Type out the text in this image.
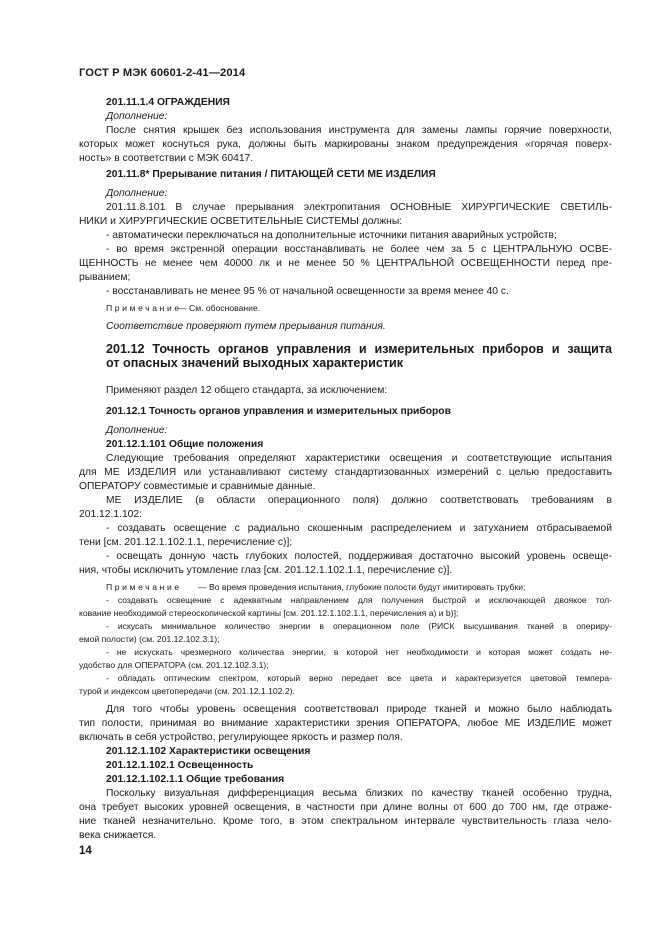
ГОСТ Р МЭК 60601-2-41—2014
201.11.1.4 ОГРАЖДЕНИЯ
Дополнение:
После снятия крышек без использования инструмента для замены лампы горячие поверхности,
которых может коснуться рука, должны быть маркированы знаком предупреждения «горячая поверх-
ность» в соответствии с МЭК 60417.
201.11.8* Прерывание питания / ПИТАЮЩЕЙ СЕТИ МЕ ИЗДЕЛИЯ
Дополнение:
201.11.8.101 В случае прерывания электропитания ОСНОВНЫЕ ХИРУРГИЧЕСКИЕ СВЕТИЛЬ-
НИКИ и ХИРУРГИЧЕСКИЕ ОСВЕТИТЕЛЬНЫЕ СИСТЕМЫ должны:
- автоматически переключаться на дополнительные источники питания аварийных устройств;
- во время экстренной операции восстанавливать не более чем за 5 с ЦЕНТРАЛЬНУЮ ОСВЕ-
ЩЕННОСТЬ не менее чем 40000 лк и не менее 50 % ЦЕНТРАЛЬНОЙ ОСВЕЩЕННОСТИ перед пре-
рыванием;
- восстанавливать не менее 95 % от начальной освещенности за время менее 40 с.
Примечание
— См. обоснование.
Соответствие проверяют путем прерывания питания.
201.12 Точность органов управления и измерительных приборов и защита
от опасных значений выходных характеристик
Применяют раздел 12 общего стандарта, за исключением:
201.12.1 Точность органов управления и измерительных приборов
Дополнение:
201.12.1.101 Общие положения
Следующие требования определяют характеристики освещения и соответствующие испытания
для МЕ ИЗДЕЛИЯ или устанавливают систему стандартизованных измерений с целью предоставить
ОПЕРАТОРУ совместимые и сравнимые данные.
МЕ ИЗДЕЛИЕ (в области операционного поля) должно соответствовать требованиям в
201.12.1.102:
- создавать освещение с радиально скошенным распределением и затуханием отбрасываемой
тени [см. 201.12.1.102.1.1, перечисление с)];
- освещать донную часть глубоких полостей, поддерживая достаточно высокий уровень освеще-
ния, чтобы исключить утомление глаз [см. 201.12.1.102.1.1, перечисление с)].
Примечание — Во время проведения испытания, глубокие полости будут имитировать трубки;
- создавать освещение с адекватным направлением для получения быстрой и исключающей двоякое тол-
кование необходимой стереоскопической картины [см. 201.12.1.102.1.1, перечисления а) и b)];
- искусать минимальное количество энергии в операционном поле (РИСК высушивания тканей в опериру-
емой полости) (см. 201.12.102.3.1);
- не искускать чрезмерного количества энергии, в которой нет необходимости и которая может создать не-
удобство для ОПЕРАТОРА (см. 201.12.102.3.1);
- обладать оптическим спектром, который верно передает все цвета и характеризуется цветовой темпера-
турой и индексом цветопередачи (см. 201.12.1.102.2).
Для того чтобы уровень освещения соответствовал природе тканей и можно было наблюдать
тип полости, принимая во внимание характеристики зрения ОПЕРАТОРА, любое МЕ ИЗДЕЛИЕ может
включать в себя устройство, регулирующее яркость и размер поля.
201.12.1.102 Характеристики освещения
201.12.1.102.1 Освещенность
201.12.1.102.1.1 Общие требования
Поскольку визуальная дифференциация весьма близких по качеству тканей особенно трудна,
она требует высоких уровней освещения, в частности при длине волны от 600 до 700 нм, где отраже-
ние тканей незначительно. Кроме того, в этом спектральном интервале чувствительность глаза чело-
века снижается.
14
